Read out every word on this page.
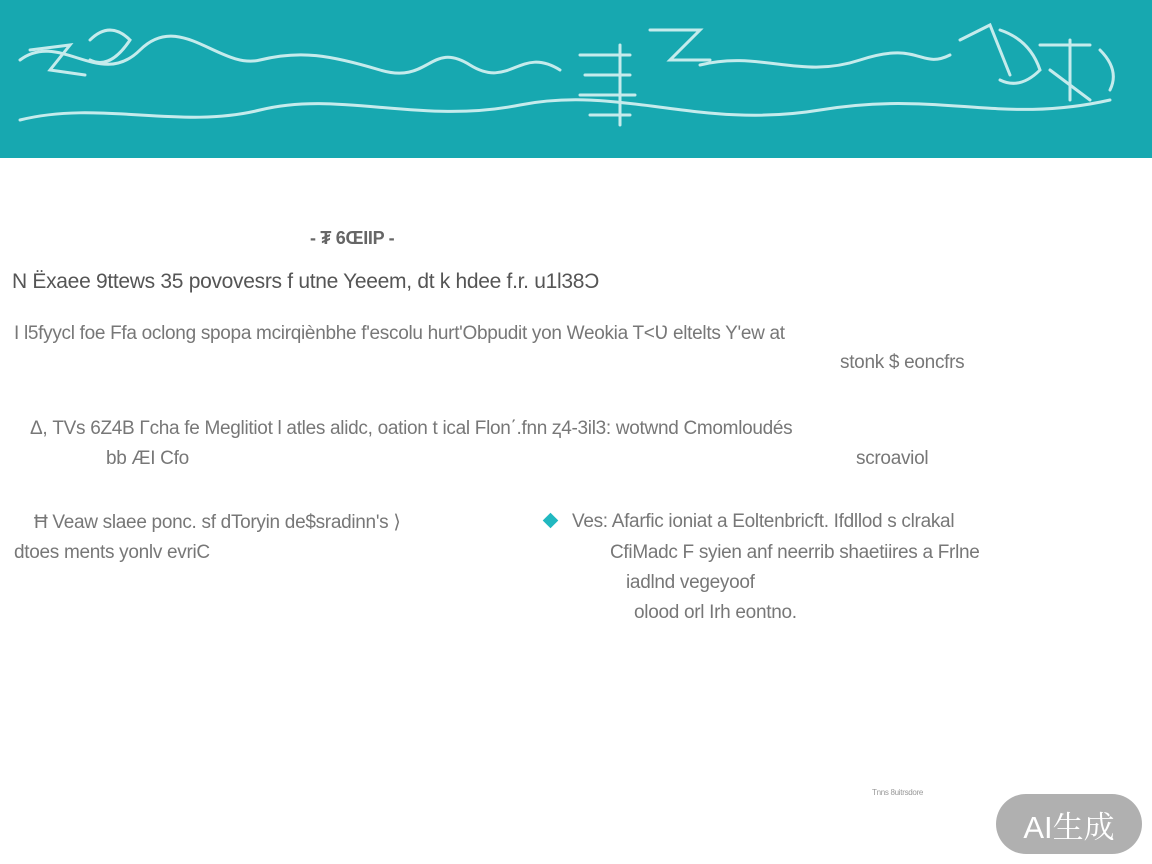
- ₮ 6ŒIIP -
N Ëxaee 9ttews 35 povovesrs f utne Yeeem, dt k hdee f.r. u1l38Ɔ
I l5fyycl foe Ffa oclong spopa mcirqiènbhe f'escolu hurt'Obpudit yon Weokia T<Ʋ eltelts Y'ew at
stonk $ eoncfrs
Δ, TVs 6Z4B Γcha fe Meglitiot l atles alidc, oation t ical Flon΄.fnn ⱬ4-3il3: wotwnd Cmomloudés
bb ÆI Cfo	scroaviol
Ħ Veaw slaee ponc. sf dToryin de$sradinn's ⟩
dtoes ments yonlv evriC
Ves: Afarfic ioniat a Eoltenbricft. Ifdllod s clrakal
CfiMadc F syien anf neerrib shaetiires a Frlne
iadlnd vegeyoof
olood orl Irh eontno.
Tnns 8uitrsdore
AI生成
